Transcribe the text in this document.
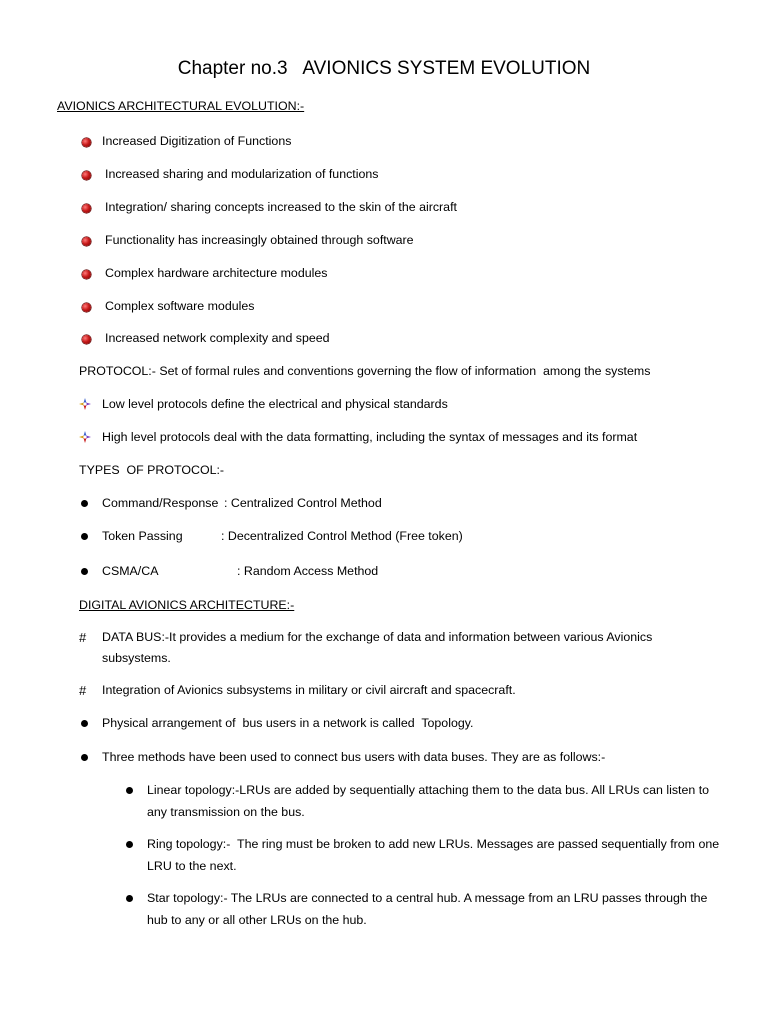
Chapter no.3   AVIONICS SYSTEM EVOLUTION
AVIONICS ARCHITECTURAL EVOLUTION:-
Increased Digitization of Functions
Increased sharing and modularization of functions
Integration/ sharing concepts increased to the skin of the aircraft
Functionality has increasingly obtained through software
Complex hardware architecture modules
Complex software modules
Increased network complexity and speed
PROTOCOL:- Set of formal rules and conventions governing the flow of information  among the systems
Low level protocols define the electrical and physical standards
High level protocols deal with the data formatting, including the syntax of messages and its format
TYPES  OF PROTOCOL:-
Command/Response : Centralized Control Method
Token Passing	: Decentralized Control Method (Free token)
CSMA/CA	: Random Access Method
DIGITAL AVIONICS ARCHITECTURE:-
# DATA BUS:-It provides a medium for the exchange of data and information between various Avionics
subsystems.
# Integration of Avionics subsystems in military or civil aircraft and spacecraft.
Physical arrangement of  bus users in a network is called  Topology.
Three methods have been used to connect bus users with data buses. They are as follows:-
Linear topology:-LRUs are added by sequentially attaching them to the data bus. All LRUs can listen to
any transmission on the bus.
Ring topology:-  The ring must be broken to add new LRUs. Messages are passed sequentially from one
LRU to the next.
Star topology:- The LRUs are connected to a central hub. A message from an LRU passes through the
hub to any or all other LRUs on the hub.
